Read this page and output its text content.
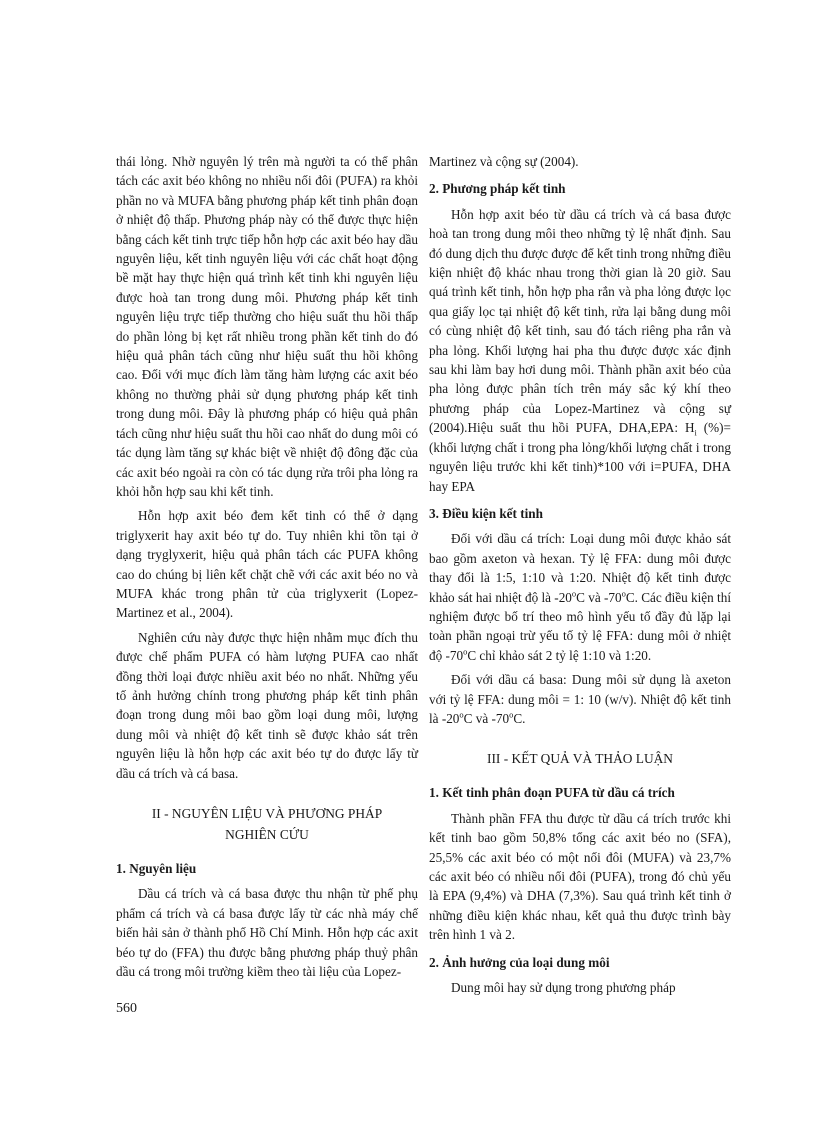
thái lỏng. Nhờ nguyên lý trên mà người ta có thể phân tách các axit béo không no nhiều nối đôi (PUFA) ra khỏi phần no và MUFA bằng phương pháp kết tinh phân đoạn ở nhiệt độ thấp. Phương pháp này có thể được thực hiện bằng cách kết tinh trực tiếp hỗn hợp các axit béo hay dầu nguyên liệu, kết tinh nguyên liệu với các chất hoạt động bề mặt hay thực hiện quá trình kết tinh khi nguyên liệu được hoà tan trong dung môi. Phương pháp kết tinh nguyên liệu trực tiếp thường cho hiệu suất thu hồi thấp do phần lỏng bị kẹt rất nhiều trong phần kết tinh do đó hiệu quả phân tách cũng như hiệu suất thu hồi không cao. Đối với mục đích làm tăng hàm lượng các axit béo không no thường phải sử dụng phương pháp kết tinh trong dung môi. Đây là phương pháp có hiệu quả phân tách cũng như hiệu suất thu hồi cao nhất do dung môi có tác dụng làm tăng sự khác biệt về nhiệt độ đông đặc của các axit béo ngoài ra còn có tác dụng rửa trôi pha lỏng ra khỏi hỗn hợp sau khi kết tinh.

Hỗn hợp axit béo đem kết tinh có thể ở dạng triglyxerit hay axit béo tự do. Tuy nhiên khi tồn tại ở dạng tryglyxerit, hiệu quả phân tách các PUFA không cao do chúng bị liên kết chặt chẽ với các axit béo no và MUFA khác trong phân tử của triglyxerit (Lopez-Martinez et al., 2004).

Nghiên cứu này được thực hiện nhằm mục đích thu được chế phẩm PUFA có hàm lượng PUFA cao nhất đồng thời loại được nhiều axit béo no nhất. Những yếu tố ảnh hưởng chính trong phương pháp kết tinh phân đoạn trong dung môi bao gồm loại dung môi, lượng dung môi và nhiệt độ kết tinh sẽ được khảo sát trên nguyên liệu là hỗn hợp các axit béo tự do được lấy từ dầu cá trích và cá basa.

II - NGUYÊN LIỆU VÀ PHƯƠNG PHÁP
NGHIÊN CỨU
1. Nguyên liệu

Dầu cá trích và cá basa được thu nhận từ phế phụ phẩm cá trích và cá basa được lấy từ các nhà máy chế biến hải sản ở thành phố Hồ Chí Minh. Hỗn hợp các axit béo tự do (FFA) thu được bằng phương pháp thuỷ phân dầu cá trong môi trường kiềm theo tài liệu của Lopez-

Martinez và cộng sự (2004).

2. Phương pháp kết tinh

Hỗn hợp axit béo từ dầu cá trích và cá basa được hoà tan trong dung môi theo những tỷ lệ nhất định. Sau đó dung dịch thu được được để kết tinh trong những điều kiện nhiệt độ khác nhau trong thời gian là 20 giờ. Sau quá trình kết tinh, hỗn hợp pha rắn và pha lỏng được lọc qua giấy lọc tại nhiệt độ kết tinh, rửa lại bằng dung môi có cùng nhiệt độ kết tinh, sau đó tách riêng pha rắn và pha lỏng. Khối lượng hai pha thu được được xác định sau khi làm bay hơi dung môi. Thành phần axit béo của pha lỏng được phân tích trên máy sắc ký khí theo phương pháp của Lopez-Martinez và cộng sự (2004).Hiệu suất thu hồi PUFA, DHA,EPA: $H_i$ (%)=(khối lượng chất i trong pha lỏng/khối lượng chất i trong nguyên liệu trước khi kết tinh)*100 với i=PUFA, DHA hay EPA

3. Điều kiện kết tinh

Đối với dầu cá trích: Loại dung môi được khảo sát bao gồm axeton và hexan. Tỷ lệ FFA: dung môi được thay đổi là 1:5, 1:10 và 1:20. Nhiệt độ kết tinh được khảo sát hai nhiệt độ là -20$^o$C và -70$^o$C. Các điều kiện thí nghiệm được bố trí theo mô hình yếu tố đầy đủ lặp lại toàn phần ngoại trừ yếu tố tỷ lệ FFA: dung môi ở nhiệt độ -70$^o$C chỉ khảo sát 2 tỷ lệ 1:10 và 1:20.

Đối với dầu cá basa: Dung môi sử dụng là axeton với tỷ lệ FFA: dung môi = 1: 10 (w/v). Nhiệt độ kết tinh là -20$^o$C và -70$^o$C.

III - KẾT QUẢ VÀ THẢO LUẬN
1. Kết tinh phân đoạn PUFA từ dầu cá trích

Thành phần FFA thu được từ dầu cá trích trước khi kết tinh bao gồm 50,8% tổng các axit béo no (SFA), 25,5% các axit béo có một nối đôi (MUFA) và 23,7% các axit béo có nhiều nối đôi (PUFA), trong đó chủ yếu là EPA (9,4%) và DHA (7,3%). Sau quá trình kết tinh ở những điều kiện khác nhau, kết quả thu được trình bày trên hình 1 và 2.

2. Ảnh hưởng của loại dung môi

Dung môi hay sử dụng trong phương pháp

560
